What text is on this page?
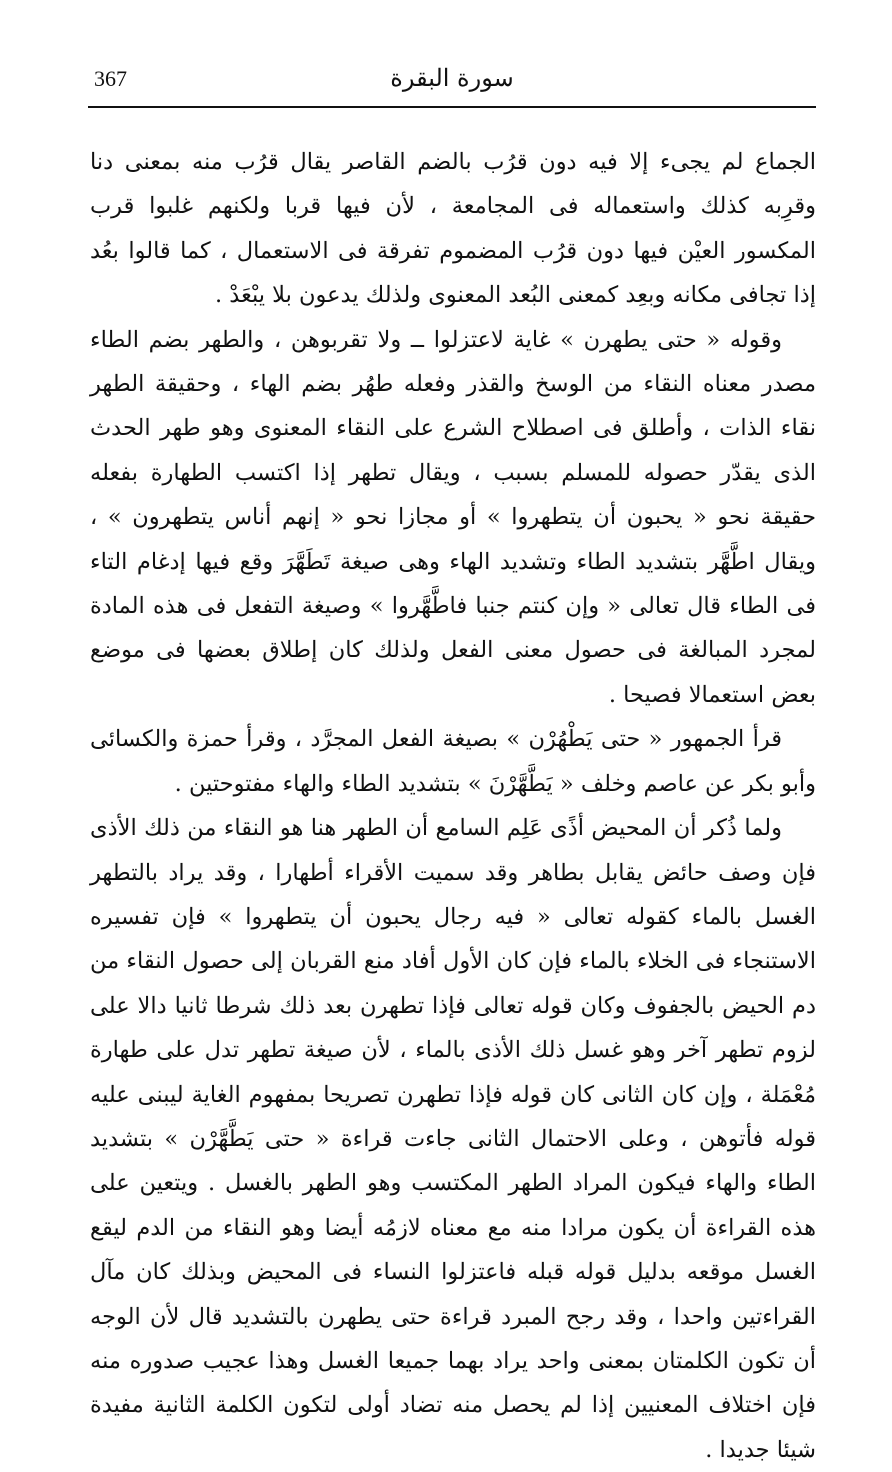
367	سورة البقرة

الجماع لم يجىء إلا فيه دون قرُب بالضم القاصر يقال قرُب منه بمعنى دنا وقرِبه كذلك واستعماله فى المجامعة ، لأن فيها قربا ولكنهم غلبوا قرب المكسور العيْن فيها دون قرُب المضموم تفرقة فى الاستعمال ، كما قالوا بعُد إذا تجافى مكانه وبعِد كمعنى البُعد المعنوى ولذلك يدعون بلا يبْعَدْ .

وقوله « حتى يطهرن » غاية لاعتزلوا ــ ولا تقربوهن ، والطهر بضم الطاء مصدر معناه النقاء من الوسخ والقذر وفعله طهُر بضم الهاء ، وحقيقة الطهر نقاء الذات ، وأطلق فى اصطلاح الشرع على النقاء المعنوى وهو طهر الحدث الذى يقدّر حصوله للمسلم بسبب ، ويقال تطهر إذا اكتسب الطهارة بفعله حقيقة نحو « يحبون أن يتطهروا » أو مجازا نحو « إنهم أناس يتطهرون » ، ويقال اطَّهَّر بتشديد الطاء وتشديد الهاء وهى صيغة تَطَهَّرَ وقع فيها إدغام التاء فى الطاء قال تعالى « وإن كنتم جنبا فاطَّهَّروا » وصيغة التفعل فى هذه المادة لمجرد المبالغة فى حصول معنى الفعل ولذلك كان إطلاق بعضها فى موضع بعض استعمالا فصيحا .

قرأ الجمهور « حتى يَطْهُرْن » بصيغة الفعل المجرَّد ، وقرأ حمزة والكسائى وأبو بكر عن عاصم وخلف « يَطَّهَّرْنَ » بتشديد الطاء والهاء مفتوحتين .

ولما ذُكر أن المحيض أذًى عَلِم السامع أن الطهر هنا هو النقاء من ذلك الأذى فإن وصف حائض يقابل بطاهر وقد سميت الأقراء أطهارا ، وقد يراد بالتطهر الغسل بالماء كقوله تعالى « فيه رجال يحبون أن يتطهروا » فإن تفسيره الاستنجاء فى الخلاء بالماء فإن كان الأول أفاد منع القربان إلى حصول النقاء من دم الحيض بالجفوف وكان قوله تعالى فإذا تطهرن بعد ذلك شرطا ثانيا دالا على لزوم تطهر آخر وهو غسل ذلك الأذى بالماء ، لأن صيغة تطهر تدل على طهارة مُعْمَلة ، وإن كان الثانى كان قوله فإذا تطهرن تصريحا بمفهوم الغاية ليبنى عليه قوله فأتوهن ، وعلى الاحتمال الثانى جاءت قراءة « حتى يَطَّهَّرْن » بتشديد الطاء والهاء فيكون المراد الطهر المكتسب وهو الطهر بالغسل . ويتعين على هذه القراءة أن يكون مرادا منه مع معناه لازمُه أيضا وهو النقاء من الدم ليقع الغسل موقعه بدليل قوله قبله فاعتزلوا النساء فى المحيض وبذلك كان مآل القراءتين واحدا ، وقد رجح المبرد قراءة حتى يطهرن بالتشديد قال لأن الوجه أن تكون الكلمتان بمعنى واحد يراد بهما جميعا الغسل وهذا عجيب صدوره منه فإن اختلاف المعنيين إذا لم يحصل منه تضاد أولى لتكون الكلمة الثانية مفيدة شيئا جديدا .
